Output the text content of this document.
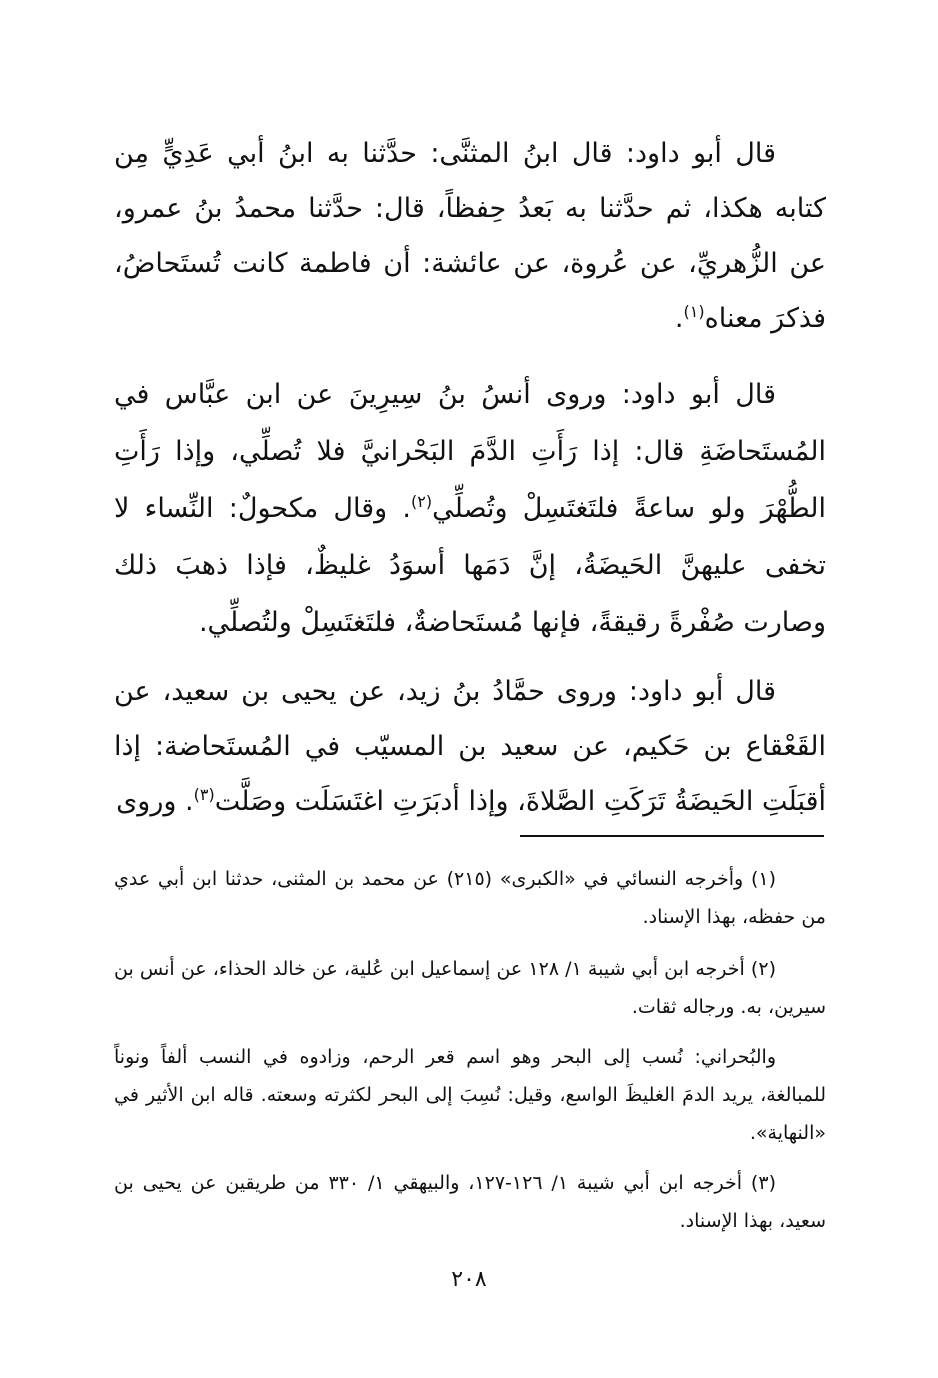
قال أبو داود: قال ابنُ المثنَّى: حدَّثنا به ابنُ أبي عَدِيٍّ مِن كتابه هكذا، ثم حدَّثنا به بَعدُ حِفظاً، قال: حدَّثنا محمدُ بنُ عمرو، عن الزُّهريِّ، عن عُروة، عن عائشة: أن فاطمة كانت تُستَحاضُ، فذكرَ معناه$^{(١)}$.

قال أبو داود: وروى أنسُ بنُ سِيرِينَ عن ابن عبَّاس في المُستَحاضَةِ قال: إذا رَأَتِ الدَّمَ البَحْرانيَّ فلا تُصلِّي، وإذا رَأَتِ الطُّهْرَ ولو ساعةً فلتَغتَسِلْ وتُصلِّي$^{(٢)}$. وقال مكحولٌ: النِّساء لا تخفى عليهنَّ الحَيضَةُ، إنَّ دَمَها أسوَدُ غليظٌ، فإذا ذهبَ ذلك وصارت صُفْرةً رقيقةً، فإنها مُستَحاضةٌ، فلتَغتَسِلْ ولتُصلِّي.

قال أبو داود: وروى حمَّادُ بنُ زيد، عن يحيى بن سعيد، عن القَعْقاع بن حَكيم، عن سعيد بن المسيّب في المُستَحاضة: إذا أقبَلَتِ الحَيضَةُ تَرَكَتِ الصَّلاةَ، وإذا أدبَرَتِ اغتَسَلَت وصَلَّت$^{(٣)}$. وروى

(١) وأخرجه النسائي في «الكبرى» (٢١٥) عن محمد بن المثنى، حدثنا ابن أبي عدي من حفظه، بهذا الإسناد.

(٢) أخرجه ابن أبي شيبة ١/ ١٢٨ عن إسماعيل ابن عُلية، عن خالد الحذاء، عن أنس بن سيرين، به. ورجاله ثقات.

والبُحراني: نُسب إلى البحر وهو اسم قعر الرحم، وزادوه في النسب ألفاً ونوناً للمبالغة، يريد الدمَ الغليظَ الواسع، وقيل: نُسِبَ إلى البحر لكثرته وسعته. قاله ابن الأثير في «النهاية».

(٣) أخرجه ابن أبي شيبة ١/ ١٢٦-١٢٧، والبيهقي ١/ ٣٣٠ من طريقين عن يحيى بن سعيد، بهذا الإسناد.

٢٠٨
